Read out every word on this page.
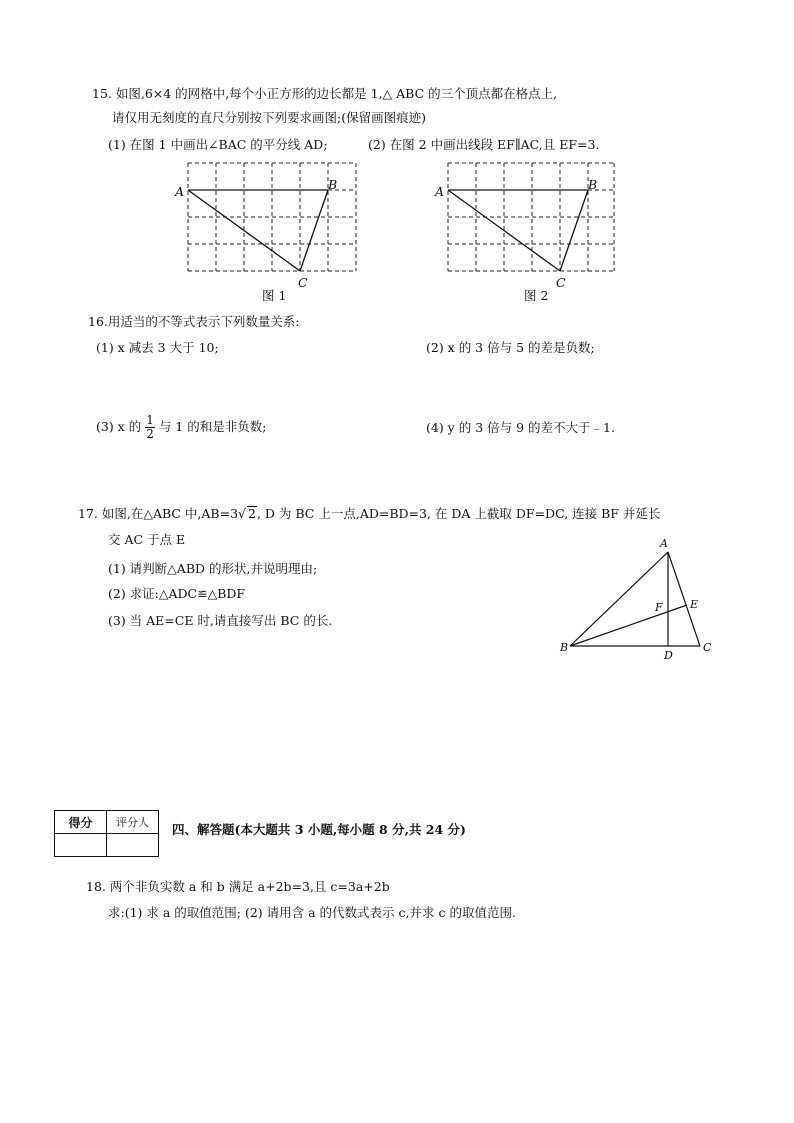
15. 如图,6×4 的网格中,每个小正方形的边长都是 1,△ ABC 的三个顶点都在格点上,
请仅用无刻度的直尺分别按下列要求画图;(保留画图痕迹)
(1) 在图 1 中画出∠BAC 的平分线 AD;	(2) 在图 2 中画出线段 EF∥AC,且 EF=3.
A	B
C
图 1
A	B
C
图 2
16.用适当的不等式表示下列数量关系:
(1) x 减去 3 大于 10;	(2) x 的 3 倍与 5 的差是负数;
(3) x 的 $\frac{1}{2}$ 与 1 的和是非负数;	(4) y 的 3 倍与 9 的差不大于﹣1.
17. 如图,在△ABC 中,AB=3√ 2, D 为 BC 上一点,AD=BD=3, 在 DA 上截取 DF=DC, 连接 BF 并延长
交 AC 于点 E
(1) 请判断△ABD 的形状,并说明理由;
(2) 求证:△ADC≌△BDF
(3) 当 AE=CE 时,请直接写出 BC 的长.
A
B	C
D
E
F
得分	评分人
	四、解答题(本大题共 3 小题,每小题 8 分,共 24 分)
18. 两个非负实数 a 和 b 满足 a+2b=3,且 c=3a+2b
求:(1) 求 a 的取值范围; (2) 请用含 a 的代数式表示 c,并求 c 的取值范围.
